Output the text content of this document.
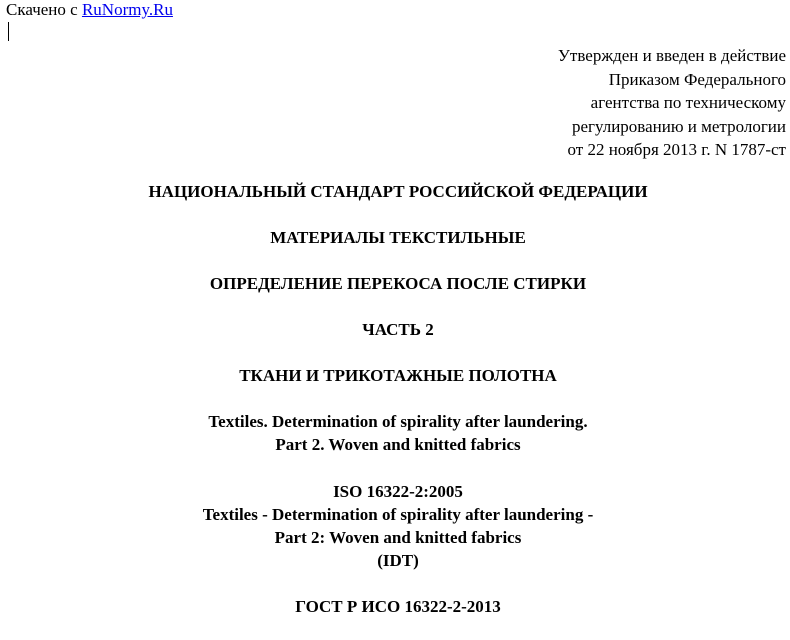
Скачено с RuNormy.Ru
Утвержден и введен в действие
Приказом Федерального
агентства по техническому
регулированию и метрологии
от 22 ноября 2013 г. N 1787-ст
НАЦИОНАЛЬНЫЙ СТАНДАРТ РОССИЙСКОЙ ФЕДЕРАЦИИ
МАТЕРИАЛЫ ТЕКСТИЛЬНЫЕ
ОПРЕДЕЛЕНИЕ ПЕРЕКОСА ПОСЛЕ СТИРКИ
ЧАСТЬ 2
ТКАНИ И ТРИКОТАЖНЫЕ ПОЛОТНА
Textiles. Determination of spirality after laundering.
Part 2. Woven and knitted fabrics
ISO 16322-2:2005
Textiles - Determination of spirality after laundering -
Part 2: Woven and knitted fabrics
(IDT)
ГОСТ Р ИСО 16322-2-2013
